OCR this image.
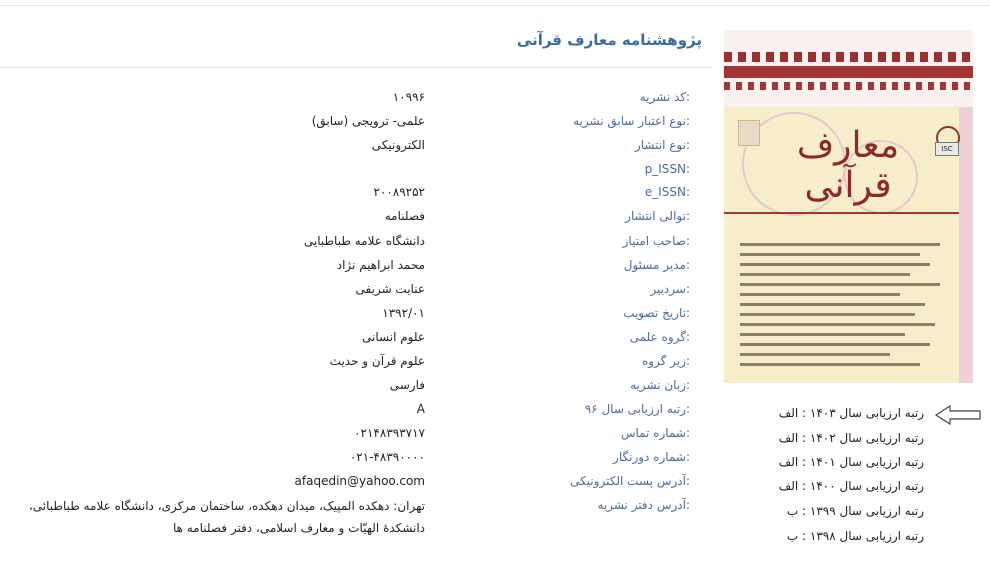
پژوهشنامه معارف قرآنی
کد نشریه:
۱۰۹۹۶
نوع اعتبار سابق نشریه:
علمی- ترویجی (سابق)
نوع انتشار:
الکترونیکی
p_ISSN:
e_ISSN:
۲۰۰۸۹۲۵۲
توالی انتشار:
فصلنامه
صاحب امتیاز:
دانشگاه علامه طباطبایی
مدیر مسئول:
محمد ابراهیم نژاد
سردبیر:
عنایت شریفی
تاریخ تصویب:
۱۳۹۲/۰۱
گروه علمی:
علوم انسانی
زیر گروه:
علوم قرآن و حدیث
زبان نشریه:
فارسی
رتبه ارزیابی سال ۹۶:
A
شماره تماس:
۰۲۱۴۸۳۹۳۷۱۷
شماره دورنگار:
۰۲۱-۴۸۳۹۰۰۰۰
آدرس پست الکترونیکی:
afaqedin@yahoo.com
آدرس دفتر نشریه:
تهران: دهکده المپیک، میدان دهکده، ساختمان مرکزی، دانشگاه علامه طباطبائی، دانشکدهٔ الهیّات و معارف اسلامی، دفتر فصلنامه ها
ISC
معارف قرآنی
رتبه ارزیابی سال ۱۴۰۳ : الف
رتبه ارزیابی سال ۱۴۰۲ : الف
رتبه ارزیابی سال ۱۴۰۱ : الف
رتبه ارزیابی سال ۱۴۰۰ : الف
رتبه ارزیابی سال ۱۳۹۹ : ب
رتبه ارزیابی سال ۱۳۹۸ : ب
